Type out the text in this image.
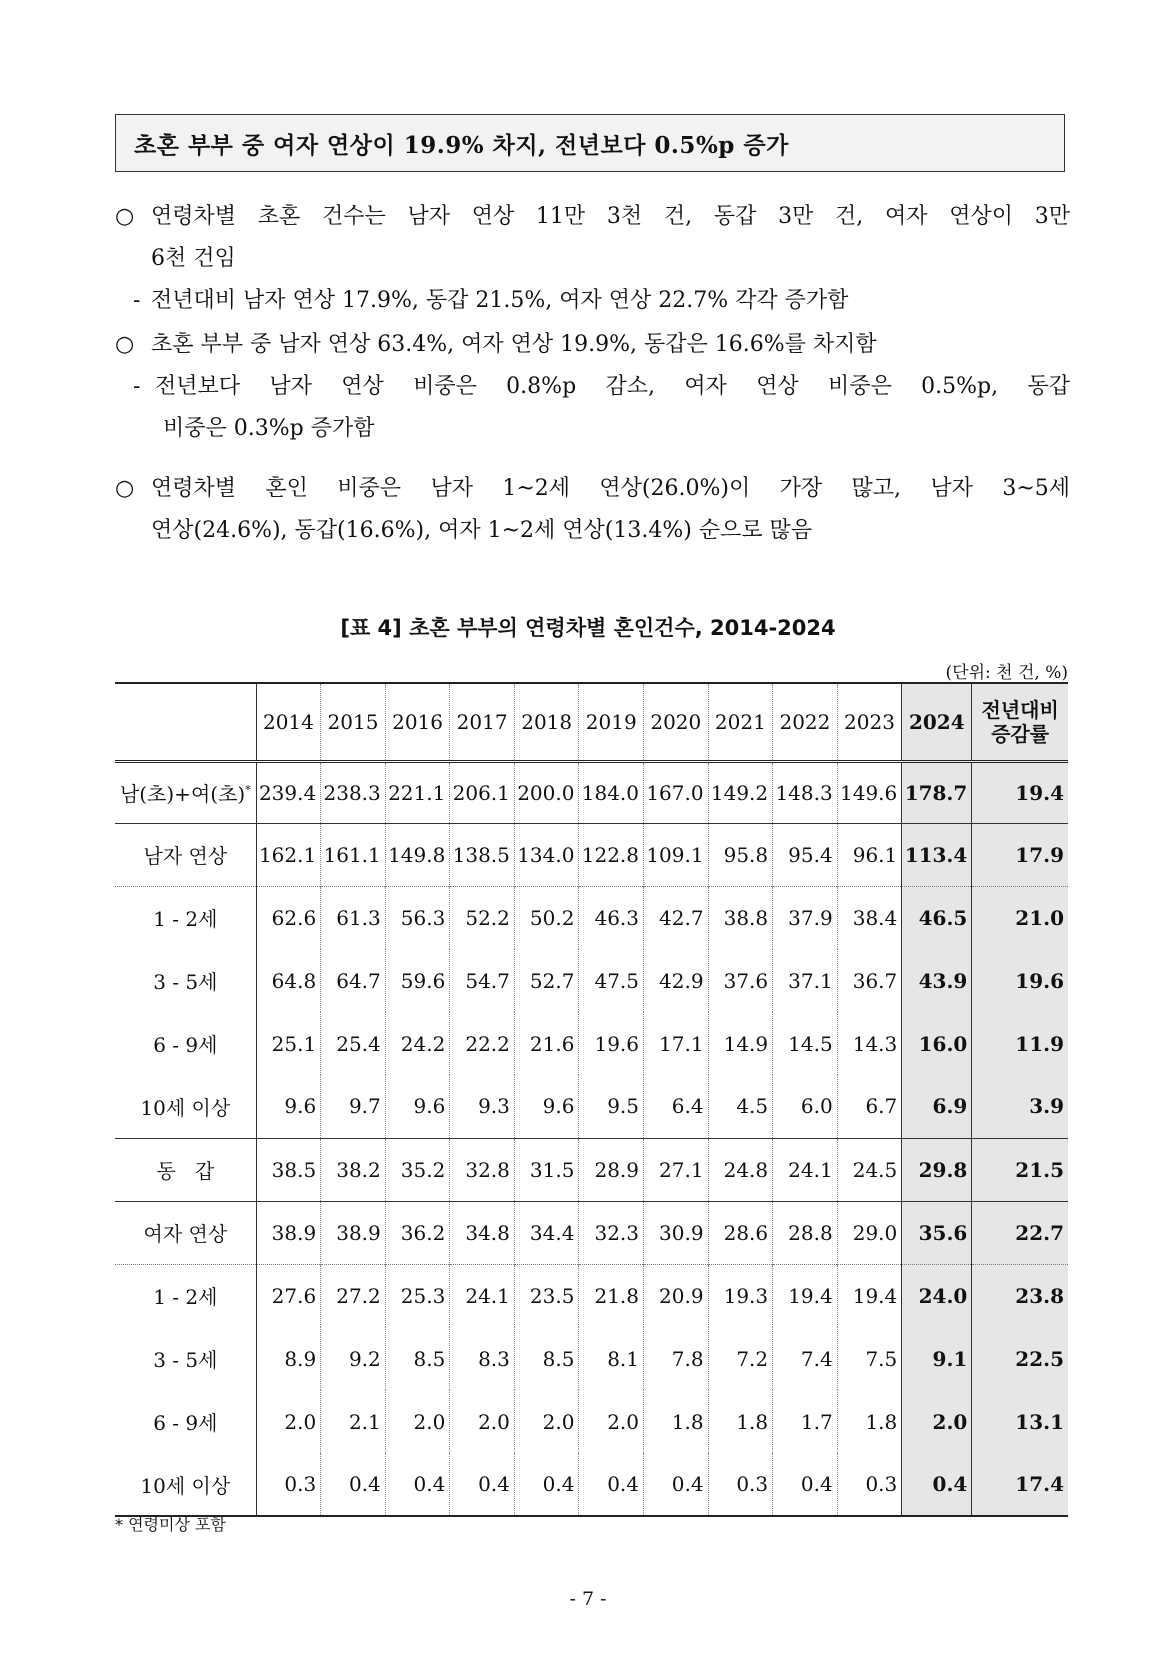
초혼 부부 중 여자 연상이 19.9% 차지, 전년보다 0.5%p 증가
○ 연령차별 초혼 건수는 남자 연상 11만 3천 건, 동갑 3만 건, 여자 연상이 3만
6천 건임
- 전년대비 남자 연상 17.9%, 동갑 21.5%, 여자 연상 22.7% 각각 증가함
○ 초혼 부부 중 남자 연상 63.4%, 여자 연상 19.9%, 동갑은 16.6%를 차지함
- 전년보다 남자 연상 비중은 0.8%p 감소, 여자 연상 비중은 0.5%p, 동갑
비중은 0.3%p 증가함
○ 연령차별 혼인 비중은 남자 1~2세 연상(26.0%)이 가장 많고, 남자 3~5세
연상(24.6%), 동갑(16.6%), 여자 1~2세 연상(13.4%) 순으로 많음
[표 4] 초혼 부부의 연령차별 혼인건수, 2014-2024
(단위: 천 건, %)
	2014	2015	2016	2017	2018	2019	2020	2021	2022	2023	2024	전년대비
증감률

남(초)+여(초)*	239.4	238.3	221.1	206.1	200.0	184.0	167.0	149.2	148.3	149.6	178.7	19.4
남자 연상	162.1	161.1	149.8	138.5	134.0	122.8	109.1	95.8	95.4	96.1	113.4	17.9
1 - 2세	62.6	61.3	56.3	52.2	50.2	46.3	42.7	38.8	37.9	38.4	46.5	21.0
3 - 5세	64.8	64.7	59.6	54.7	52.7	47.5	42.9	37.6	37.1	36.7	43.9	19.6
6 - 9세	25.1	25.4	24.2	22.2	21.6	19.6	17.1	14.9	14.5	14.3	16.0	11.9
10세 이상	9.6	9.7	9.6	9.3	9.6	9.5	6.4	4.5	6.0	6.7	6.9	3.9
동   갑	38.5	38.2	35.2	32.8	31.5	28.9	27.1	24.8	24.1	24.5	29.8	21.5
여자 연상	38.9	38.9	36.2	34.8	34.4	32.3	30.9	28.6	28.8	29.0	35.6	22.7
1 - 2세	27.6	27.2	25.3	24.1	23.5	21.8	20.9	19.3	19.4	19.4	24.0	23.8
3 - 5세	8.9	9.2	8.5	8.3	8.5	8.1	7.8	7.2	7.4	7.5	9.1	22.5
6 - 9세	2.0	2.1	2.0	2.0	2.0	2.0	1.8	1.8	1.7	1.8	2.0	13.1
10세 이상	0.3	0.4	0.4	0.4	0.4	0.4	0.4	0.3	0.4	0.3	0.4	17.4
* 연령미상 포함
- 7 -
